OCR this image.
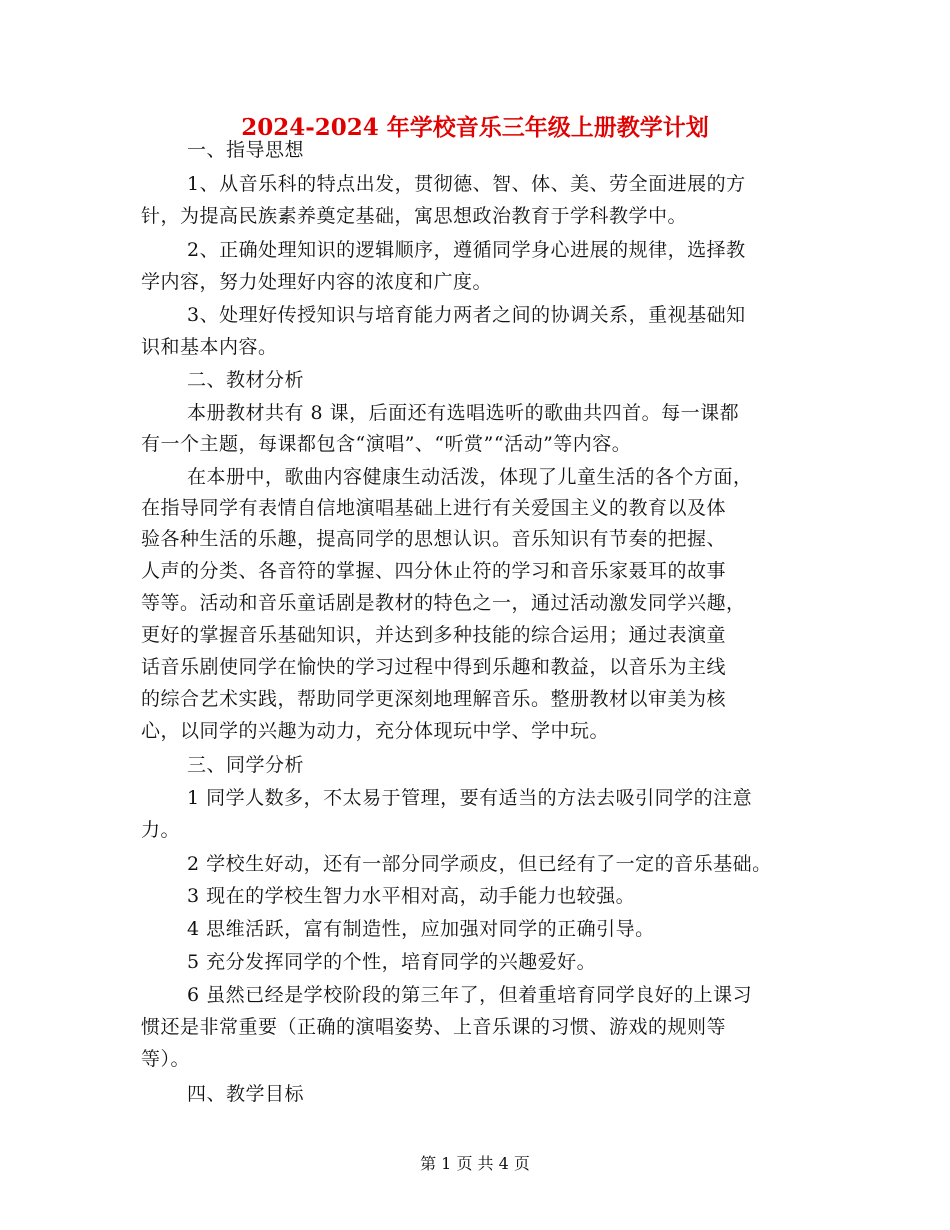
2024-2024 年学校音乐三年级上册教学计划
一、指导思想
1、从音乐科的特点出发，贯彻德、智、体、美、劳全面进展的方
针，为提高民族素养奠定基础，寓思想政治教育于学科教学中。
2、正确处理知识的逻辑顺序，遵循同学身心进展的规律，选择教
学内容，努力处理好内容的浓度和广度。
3、处理好传授知识与培育能力两者之间的协调关系，重视基础知
识和基本内容。
二、教材分析
本册教材共有 8 课，后面还有选唱选听的歌曲共四首。每一课都
有一个主题，每课都包含“演唱”、“听赏”“活动”等内容。
在本册中，歌曲内容健康生动活泼，体现了儿童生活的各个方面，
在指导同学有表情自信地演唱基础上进行有关爱国主义的教育以及体
验各种生活的乐趣，提高同学的思想认识。音乐知识有节奏的把握、
人声的分类、各音符的掌握、四分休止符的学习和音乐家聂耳的故事
等等。活动和音乐童话剧是教材的特色之一，通过活动激发同学兴趣，
更好的掌握音乐基础知识，并达到多种技能的综合运用；通过表演童
话音乐剧使同学在愉快的学习过程中得到乐趣和教益，以音乐为主线
的综合艺术实践，帮助同学更深刻地理解音乐。整册教材以审美为核
心，以同学的兴趣为动力，充分体现玩中学、学中玩。
三、同学分析
1 同学人数多，不太易于管理，要有适当的方法去吸引同学的注意
力。
2 学校生好动，还有一部分同学顽皮，但已经有了一定的音乐基础。
3 现在的学校生智力水平相对高，动手能力也较强。
4 思维活跃，富有制造性，应加强对同学的正确引导。
5 充分发挥同学的个性，培育同学的兴趣爱好。
6 虽然已经是学校阶段的第三年了，但着重培育同学良好的上课习
惯还是非常重要（正确的演唱姿势、上音乐课的习惯、游戏的规则等
等）。
四、教学目标
第 1 页 共 4 页
